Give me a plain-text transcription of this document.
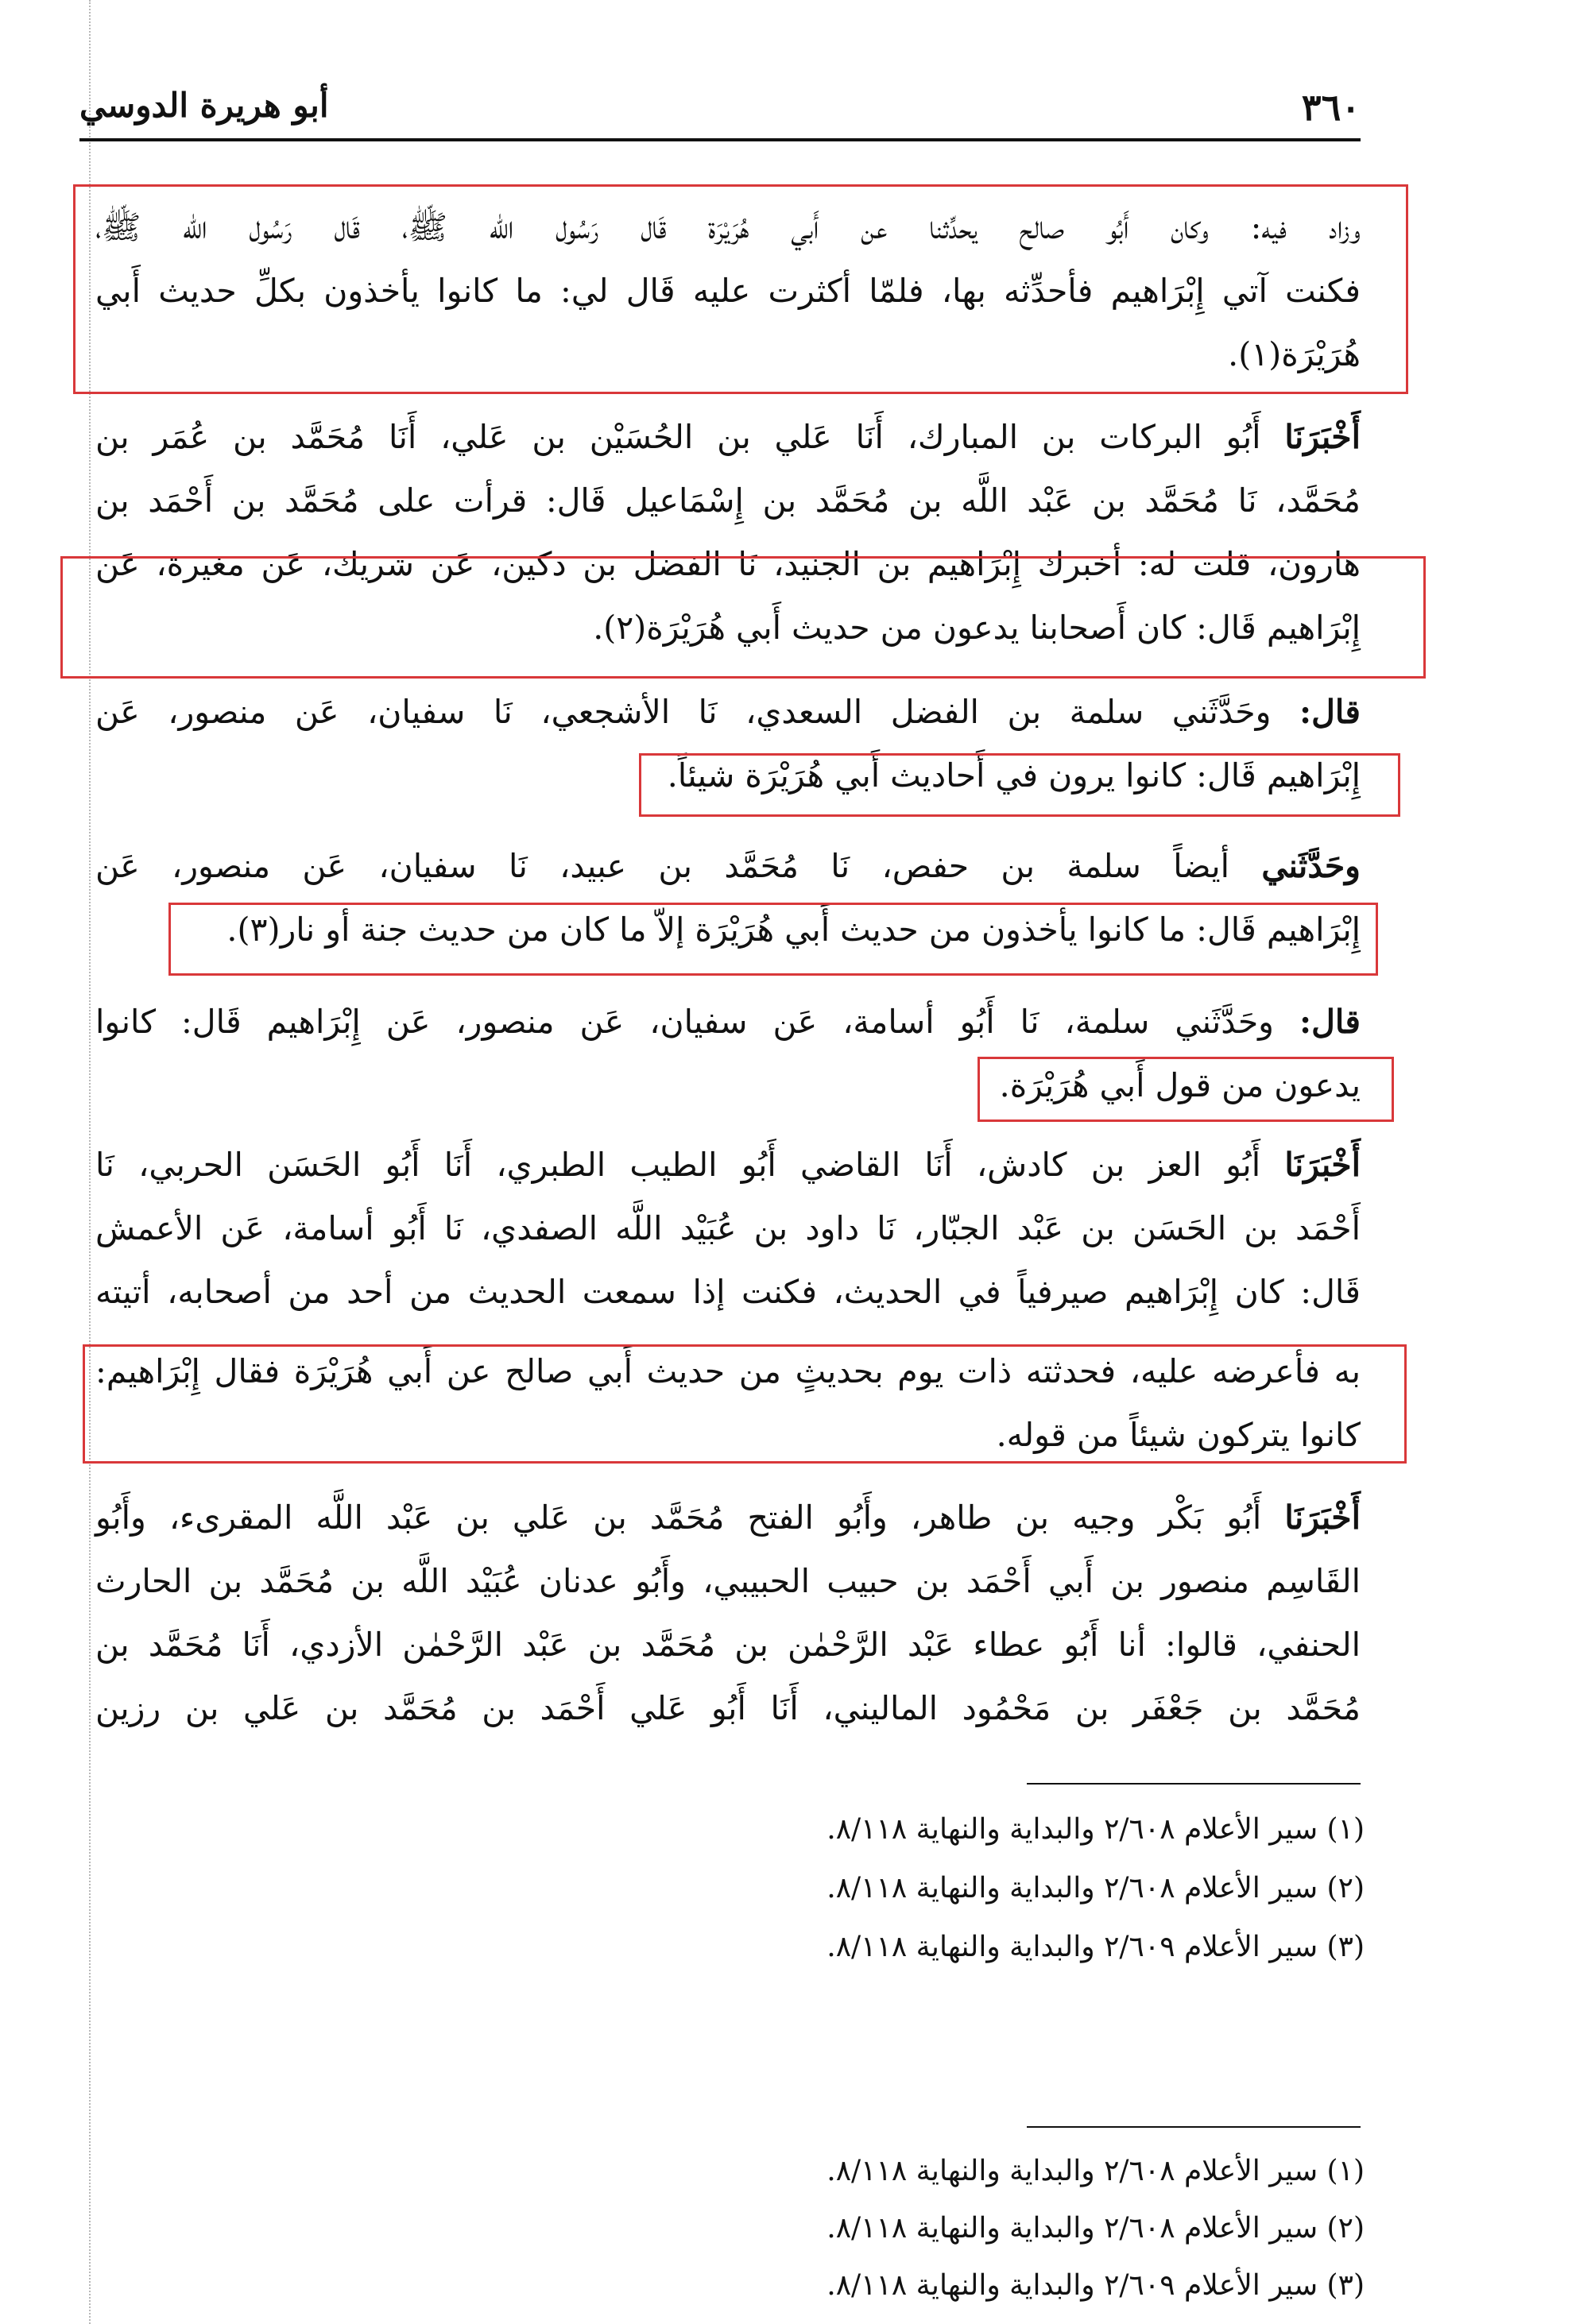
٣٦٠
أبو هريرة الدوسي
وزاد فيه: وكان أَبُو صالح يحدِّثنا عن أَبي هُرَيْرَة قَال رَسُول الله ﷺ، قَال رَسُول الله ﷺ،
فكنت آتي إِبْرَاهيم فأحدِّثه بها، فلمّا أكثرت عليه قَال لي: ما كانوا يأخذون بكلِّ حديث أَبي
هُرَيْرَة(١).
أَخْبَرَنَا أَبُو البركات بن المبارك، أَنَا عَلي بن الحُسَيْن بن عَلي، أَنَا مُحَمَّد بن عُمَر بن
مُحَمَّد، نَا مُحَمَّد بن عَبْد اللَّه بن مُحَمَّد بن إِسْمَاعيل قَال: قرأت على مُحَمَّد بن أَحْمَد بن
هارون، قلت له: أخبرك إِبْرَاهيم بن الجنيد، نَا الفضل بن دكين، عَن شريك، عَن مغيرة، عَن
إِبْرَاهيم قَال: كان أَصحابنا يدعون من حديث أَبي هُرَيْرَة(٢).
قال: وحَدَّثَني سلمة بن الفضل السعدي، نَا الأشجعي، نَا سفيان، عَن منصور، عَن
إِبْرَاهيم قَال: كانوا يرون في أَحاديث أَبي هُرَيْرَة شيئاً.
وحَدَّثَني أيضاً سلمة بن حفص، نَا مُحَمَّد بن عبيد، نَا سفيان، عَن منصور، عَن
إِبْرَاهيم قَال: ما كانوا يأخذون من حديث أَبي هُرَيْرَة إلاّ ما كان من حديث جنة أو نار(٣).
قال: وحَدَّثَني سلمة، نَا أَبُو أسامة، عَن سفيان، عَن منصور، عَن إِبْرَاهيم قَال: كانوا
يدعون من قول أَبي هُرَيْرَة.
أَخْبَرَنَا أَبُو العز بن كادش، أَنَا القاضي أَبُو الطيب الطبري، أَنَا أَبُو الحَسَن الحربي، نَا
أَحْمَد بن الحَسَن بن عَبْد الجبّار، نَا داود بن عُبَيْد اللَّه الصفدي، نَا أَبُو أسامة، عَن الأعمش
قَال: كان إِبْرَاهيم صيرفياً في الحديث، فكنت إذا سمعت الحديث من أحد من أصحابه، أتيته
به فأعرضه عليه، فحدثته ذات يوم بحديثٍ من حديث أَبي صالح عن أَبي هُرَيْرَة فقال إِبْرَاهيم:
كانوا يتركون شيئاً من قوله.
أَخْبَرَنَا أَبُو بَكْر وجيه بن طاهر، وأَبُو الفتح مُحَمَّد بن عَلي بن عَبْد اللَّه المقرىء، وأَبُو
القَاسِم منصور بن أَبي أَحْمَد بن حبيب الحبيبي، وأَبُو عدنان عُبَيْد اللَّه بن مُحَمَّد بن الحارث
الحنفي، قالوا: أنا أَبُو عطاء عَبْد الرَّحْمٰن بن مُحَمَّد بن عَبْد الرَّحْمٰن الأزدي، أَنَا مُحَمَّد بن
مُحَمَّد بن جَعْفَر بن مَحْمُود الماليني، أَنَا أَبُو عَلي أَحْمَد بن مُحَمَّد بن عَلي بن رزين
(١) سير الأعلام ٢/٦٠٨ والبداية والنهاية ٨/١١٨.
(٢) سير الأعلام ٢/٦٠٨ والبداية والنهاية ٨/١١٨.
(٣) سير الأعلام ٢/٦٠٩ والبداية والنهاية ٨/١١٨.
(١) سير الأعلام ٢/٦٠٨ والبداية والنهاية ٨/١١٨.
(٢) سير الأعلام ٢/٦٠٨ والبداية والنهاية ٨/١١٨.
(٣) سير الأعلام ٢/٦٠٩ والبداية والنهاية ٨/١١٨.
